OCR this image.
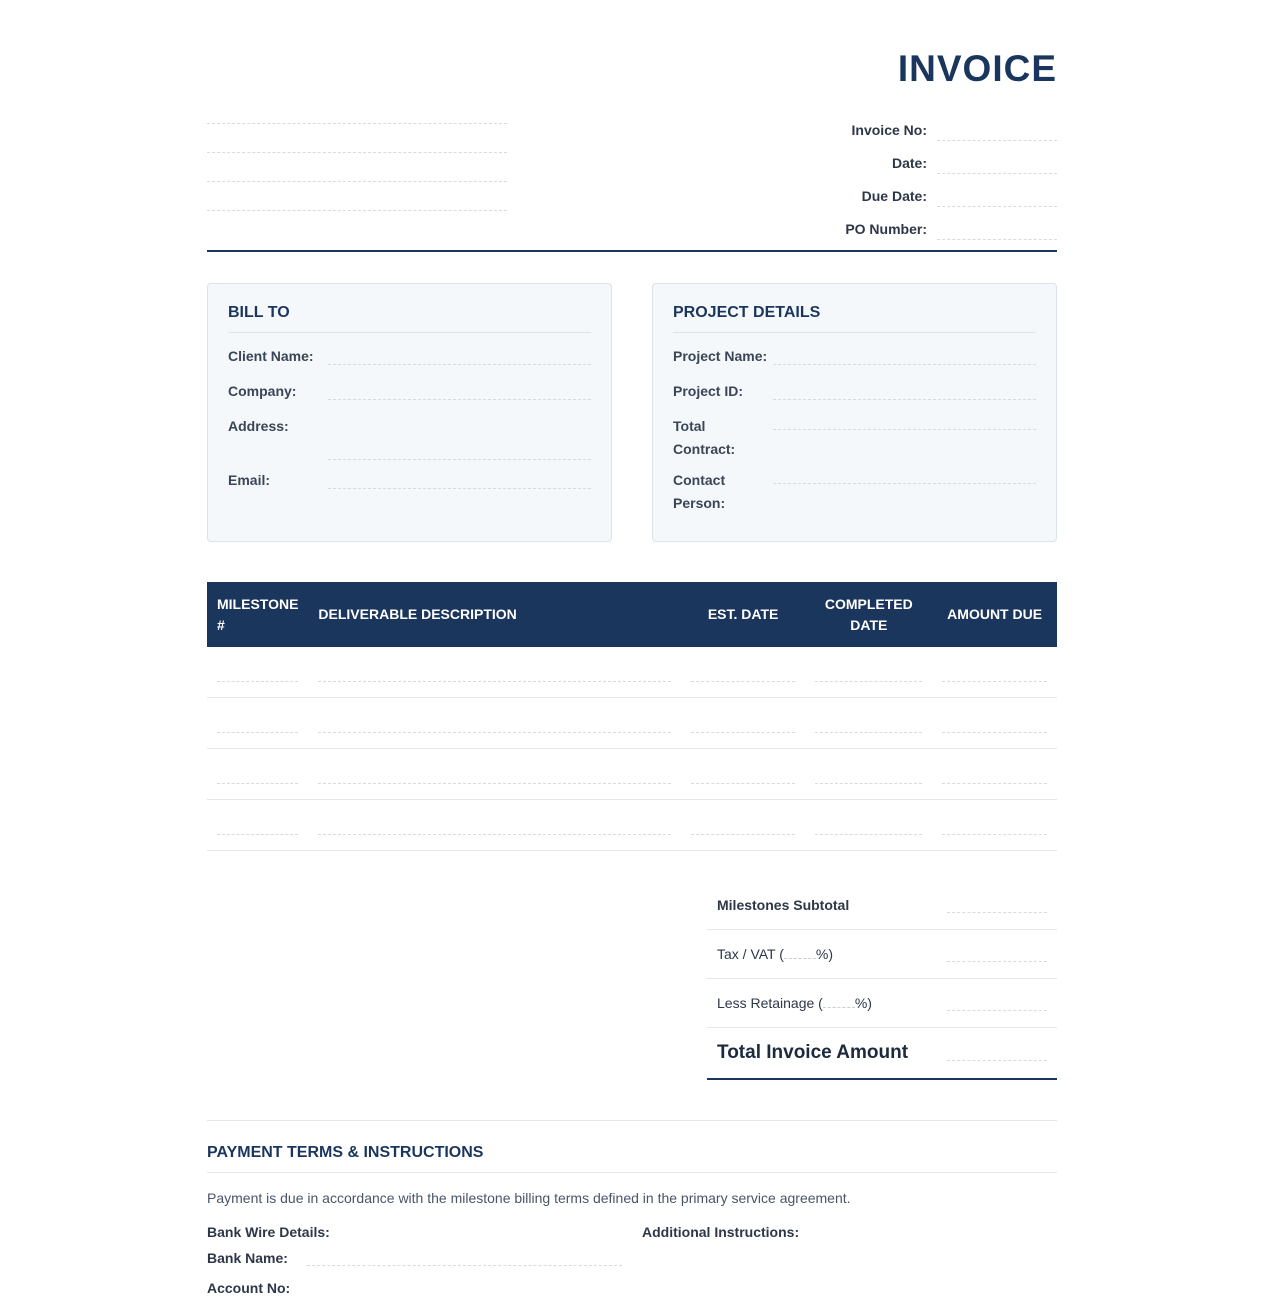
INVOICE
Invoice No:
Date:
Due Date:
PO Number:
BILL TO
Client Name:
Company:
Address:
Email:
PROJECT DETAILS
Project Name:
Project ID:
Total Contract:
Contact Person:
MILESTONE #	DELIVERABLE DESCRIPTION	EST. DATE	COMPLETED DATE	AMOUNT DUE

Milestones Subtotal
Tax / VAT ( %)
Less Retainage ( %)
Total Invoice Amount
PAYMENT TERMS & INSTRUCTIONS

Payment is due in accordance with the milestone billing terms defined in the primary service agreement.

Bank Wire Details:
Bank Name:
Account No:
Additional Instructions:
